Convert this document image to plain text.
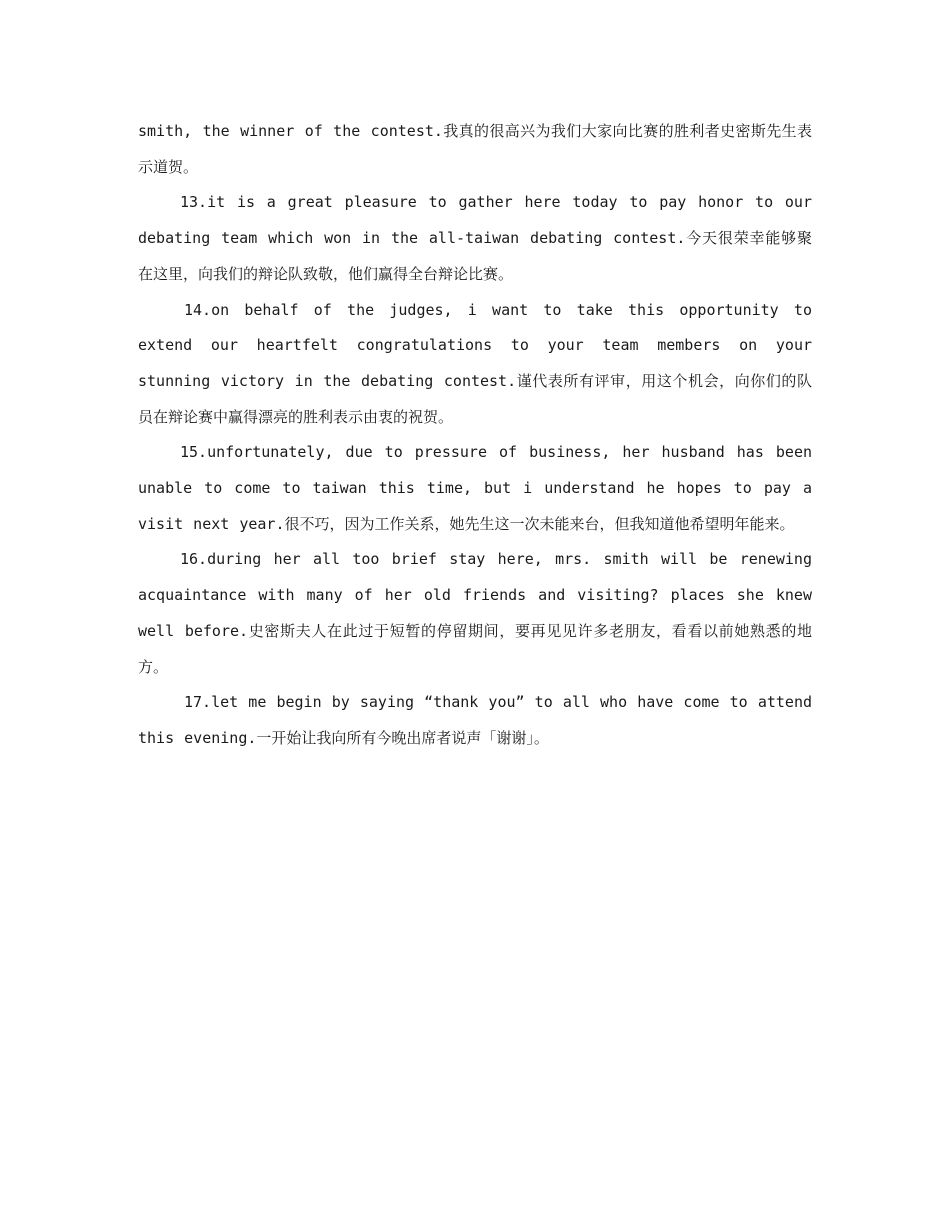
smith, the winner of the contest.我真的很高兴为我们大家向比赛的胜利者史密斯先生表示道贺。

13.it is a great pleasure to gather here today to pay honor to our debating team which won in the all-taiwan debating contest.今天很荣幸能够聚在这里，向我们的辩论队致敬，他们赢得全台辩论比赛。

14.on behalf of the judges, i want to take this opportunity to extend our heartfelt congratulations to your team members on your stunning victory in the debating contest.谨代表所有评审，用这个机会，向你们的队员在辩论赛中赢得漂亮的胜利表示由衷的祝贺。

15.unfortunately, due to pressure of business, her husband has been unable to come to taiwan this time, but i understand he hopes to pay a visit next year.很不巧，因为工作关系，她先生这一次未能来台，但我知道他希望明年能来。

16.during her all too brief stay here, mrs. smith will be renewing acquaintance with many of her old friends and visiting? places she knew well before.史密斯夫人在此过于短暂的停留期间，要再见见许多老朋友，看看以前她熟悉的地方。

17.let me begin by saying “thank you” to all who have come to attend this evening.一开始让我向所有今晚出席者说声「谢谢」。
